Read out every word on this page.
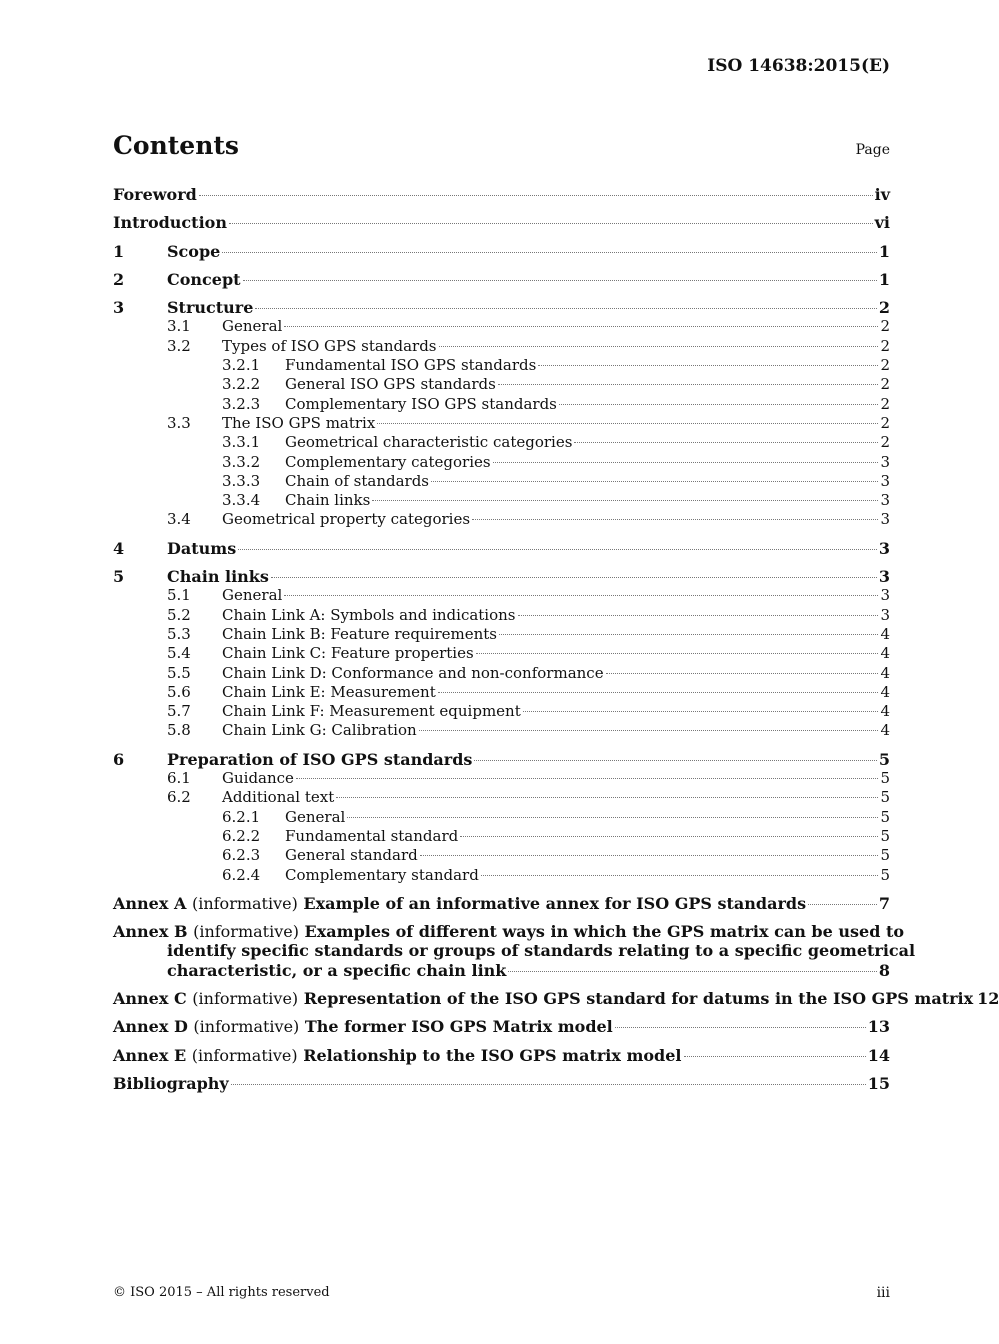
ISO 14638:2015(E)
Contents	Page
Foreword	iv
Introduction	vi
1	Scope	1
2	Concept	1
3	Structure	2
3.1	General	2
3.2	Types of ISO GPS standards	2
3.2.1	Fundamental ISO GPS standards	2
3.2.2	General ISO GPS standards	2
3.2.3	Complementary ISO GPS standards	2
3.3	The ISO GPS matrix	2
3.3.1	Geometrical characteristic categories	2
3.3.2	Complementary categories	3
3.3.3	Chain of standards	3
3.3.4	Chain links	3
3.4	Geometrical property categories	3
4	Datums	3
5	Chain links	3
5.1	General	3
5.2	Chain Link A: Symbols and indications	3
5.3	Chain Link B: Feature requirements	4
5.4	Chain Link C: Feature properties	4
5.5	Chain Link D: Conformance and non-conformance	4
5.6	Chain Link E: Measurement	4
5.7	Chain Link F: Measurement equipment	4
5.8	Chain Link G: Calibration	4
6	Preparation of ISO GPS standards	5
6.1	Guidance	5
6.2	Additional text	5
6.2.1	General	5
6.2.2	Fundamental standard	5
6.2.3	General standard	5
6.2.4	Complementary standard	5
Annex A (informative) Example of an informative annex for ISO GPS standards	7
Annex B (informative) Examples of different ways in which the GPS matrix can be used to
identify specific standards or groups of standards relating to a specific geometrical
characteristic, or a specific chain link	8
Annex C (informative) Representation of the ISO GPS standard for datums in the ISO GPS matrix 12
Annex D (informative) The former ISO GPS Matrix model	13
Annex E (informative) Relationship to the ISO GPS matrix model	14
Bibliography	15
© ISO 2015 – All rights reserved	iii
